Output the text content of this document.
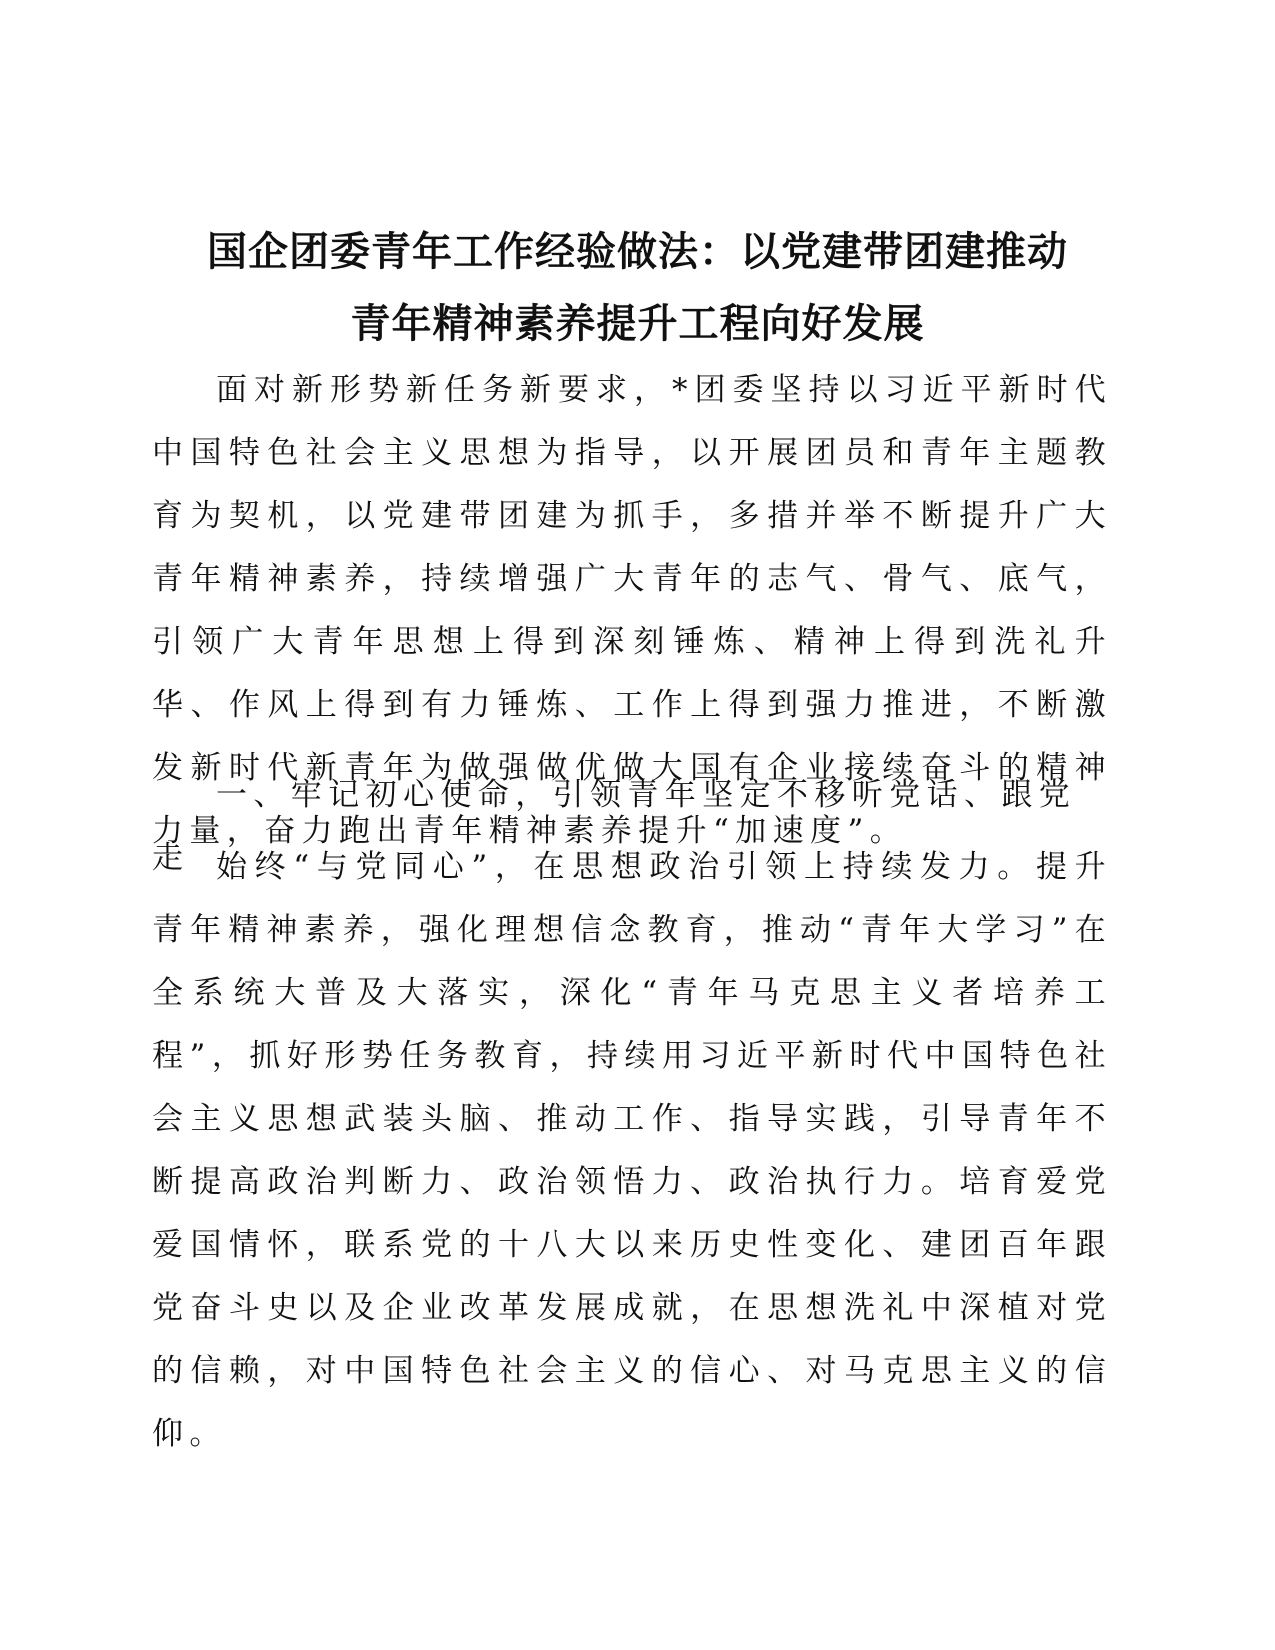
国企团委青年工作经验做法：以党建带团建推动
青年精神素养提升工程向好发展
面对新形势新任务新要求，*团委坚持以习近平新时代中国特色社会主义思想为指导，以开展团员和青年主题教育为契机，以党建带团建为抓手，多措并举不断提升广大青年精神素养，持续增强广大青年的志气、骨气、底气，引领广大青年思想上得到深刻锤炼、精神上得到洗礼升华、作风上得到有力锤炼、工作上得到强力推进，不断激发新时代新青年为做强做优做大国有企业接续奋斗的精神力量，奋力跑出青年精神素养提升“加速度”。
一、牢记初心使命，引领青年坚定不移听党话、跟党走 始终“与党同心”，在思想政治引领上持续发力。提升青年精神素养，强化理想信念教育，推动“青年大学习”在全系统大普及大落实，深化“青年马克思主义者培养工程”，抓好形势任务教育，持续用习近平新时代中国特色社会主义思想武装头脑、推动工作、指导实践，引导青年不断提高政治判断力、政治领悟力、政治执行力。培育爱党爱国情怀，联系党的十八大以来历史性变化、建团百年跟党奋斗史以及企业改革发展成就，在思想洗礼中深植对党的信赖，对中国特色社会主义的信心、对马克思主义的信仰。
